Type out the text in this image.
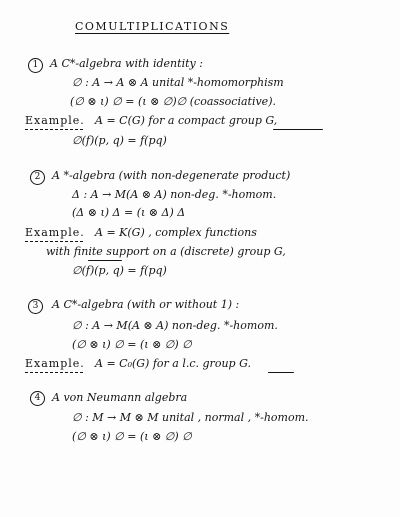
COMULTIPLICATIONS
1	A C*-algebra with identity :
∅ : A → A ⊗ A unital *-homomorphism
(∅ ⊗ ι) ∅ = (ι ⊗ ∅)∅ (coassociative).
Example. A = C(G) for a compact group G,
∅(f)(p, q) = f(pq)
2	A *-algebra (with non-degenerate product)
Δ : A → M(A ⊗ A) non-deg. *-homom.
(Δ ⊗ ι) Δ = (ι ⊗ Δ) Δ
Example. A = K(G) , complex functions
with finite support on a (discrete) group G,
∅(f)(p, q) = f(pq)
3	A C*-algebra (with or without 1) :
∅ : A → M(A ⊗ A) non-deg. *-homom.
(∅ ⊗ ι) ∅ = (ι ⊗ ∅) ∅
Example. A = C₀(G) for a l.c. group G.
4	A von Neumann algebra
∅ : M → M ⊗ M unital , normal , *-homom.
(∅ ⊗ ι) ∅ = (ι ⊗ ∅) ∅
